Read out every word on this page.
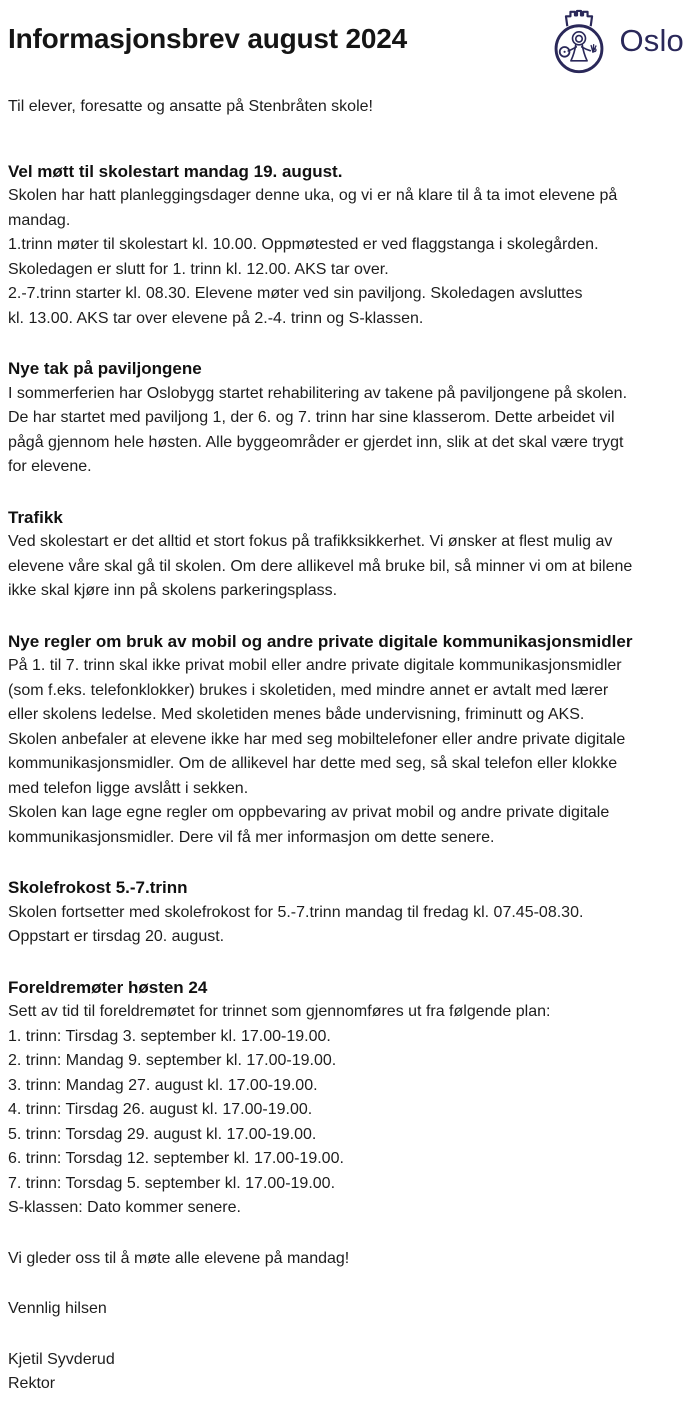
Informasjonsbrev august 2024	Oslo

Til elever, foresatte og ansatte på Stenbråten skole!

Vel møtt til skolestart mandag 19. august.
Skolen har hatt planleggingsdager denne uka, og vi er nå klare til å ta imot elevene på
mandag.
1.trinn møter til skolestart kl. 10.00. Oppmøtested er ved flaggstanga i skolegården.
Skoledagen er slutt for 1. trinn kl. 12.00. AKS tar over.
2.-7.trinn starter kl. 08.30. Elevene møter ved sin paviljong. Skoledagen avsluttes
kl. 13.00. AKS tar over elevene på 2.-4. trinn og S-klassen.
Nye tak på paviljongene
I sommerferien har Oslobygg startet rehabilitering av takene på paviljongene på skolen.
De har startet med paviljong 1, der 6. og 7. trinn har sine klasserom. Dette arbeidet vil
pågå gjennom hele høsten. Alle byggeområder er gjerdet inn, slik at det skal være trygt
for elevene.
Trafikk
Ved skolestart er det alltid et stort fokus på trafikksikkerhet. Vi ønsker at flest mulig av
elevene våre skal gå til skolen. Om dere allikevel må bruke bil, så minner vi om at bilene
ikke skal kjøre inn på skolens parkeringsplass.
Nye regler om bruk av mobil og andre private digitale kommunikasjonsmidler
På 1. til 7. trinn skal ikke privat mobil eller andre private digitale kommunikasjonsmidler
(som f.eks. telefonklokker) brukes i skoletiden, med mindre annet er avtalt med lærer
eller skolens ledelse. Med skoletiden menes både undervisning, friminutt og AKS.
Skolen anbefaler at elevene ikke har med seg mobiltelefoner eller andre private digitale
kommunikasjonsmidler. Om de allikevel har dette med seg, så skal telefon eller klokke
med telefon ligge avslått i sekken.
Skolen kan lage egne regler om oppbevaring av privat mobil og andre private digitale
kommunikasjonsmidler. Dere vil få mer informasjon om dette senere.
Skolefrokost 5.-7.trinn
Skolen fortsetter med skolefrokost for 5.-7.trinn mandag til fredag kl. 07.45-08.30.
Oppstart er tirsdag 20. august.
Foreldremøter høsten 24
Sett av tid til foreldremøtet for trinnet som gjennomføres ut fra følgende plan:
1. trinn: Tirsdag 3. september kl. 17.00-19.00.
2. trinn: Mandag 9. september kl. 17.00-19.00.
3. trinn: Mandag 27. august kl. 17.00-19.00.
4. trinn: Tirsdag 26. august kl. 17.00-19.00.
5. trinn: Torsdag 29. august kl. 17.00-19.00.
6. trinn: Torsdag 12. september kl. 17.00-19.00.
7. trinn: Torsdag 5. september kl. 17.00-19.00.
S-klassen: Dato kommer senere.
Vi gleder oss til å møte alle elevene på mandag!
Vennlig hilsen
Kjetil Syvderud
Rektor
